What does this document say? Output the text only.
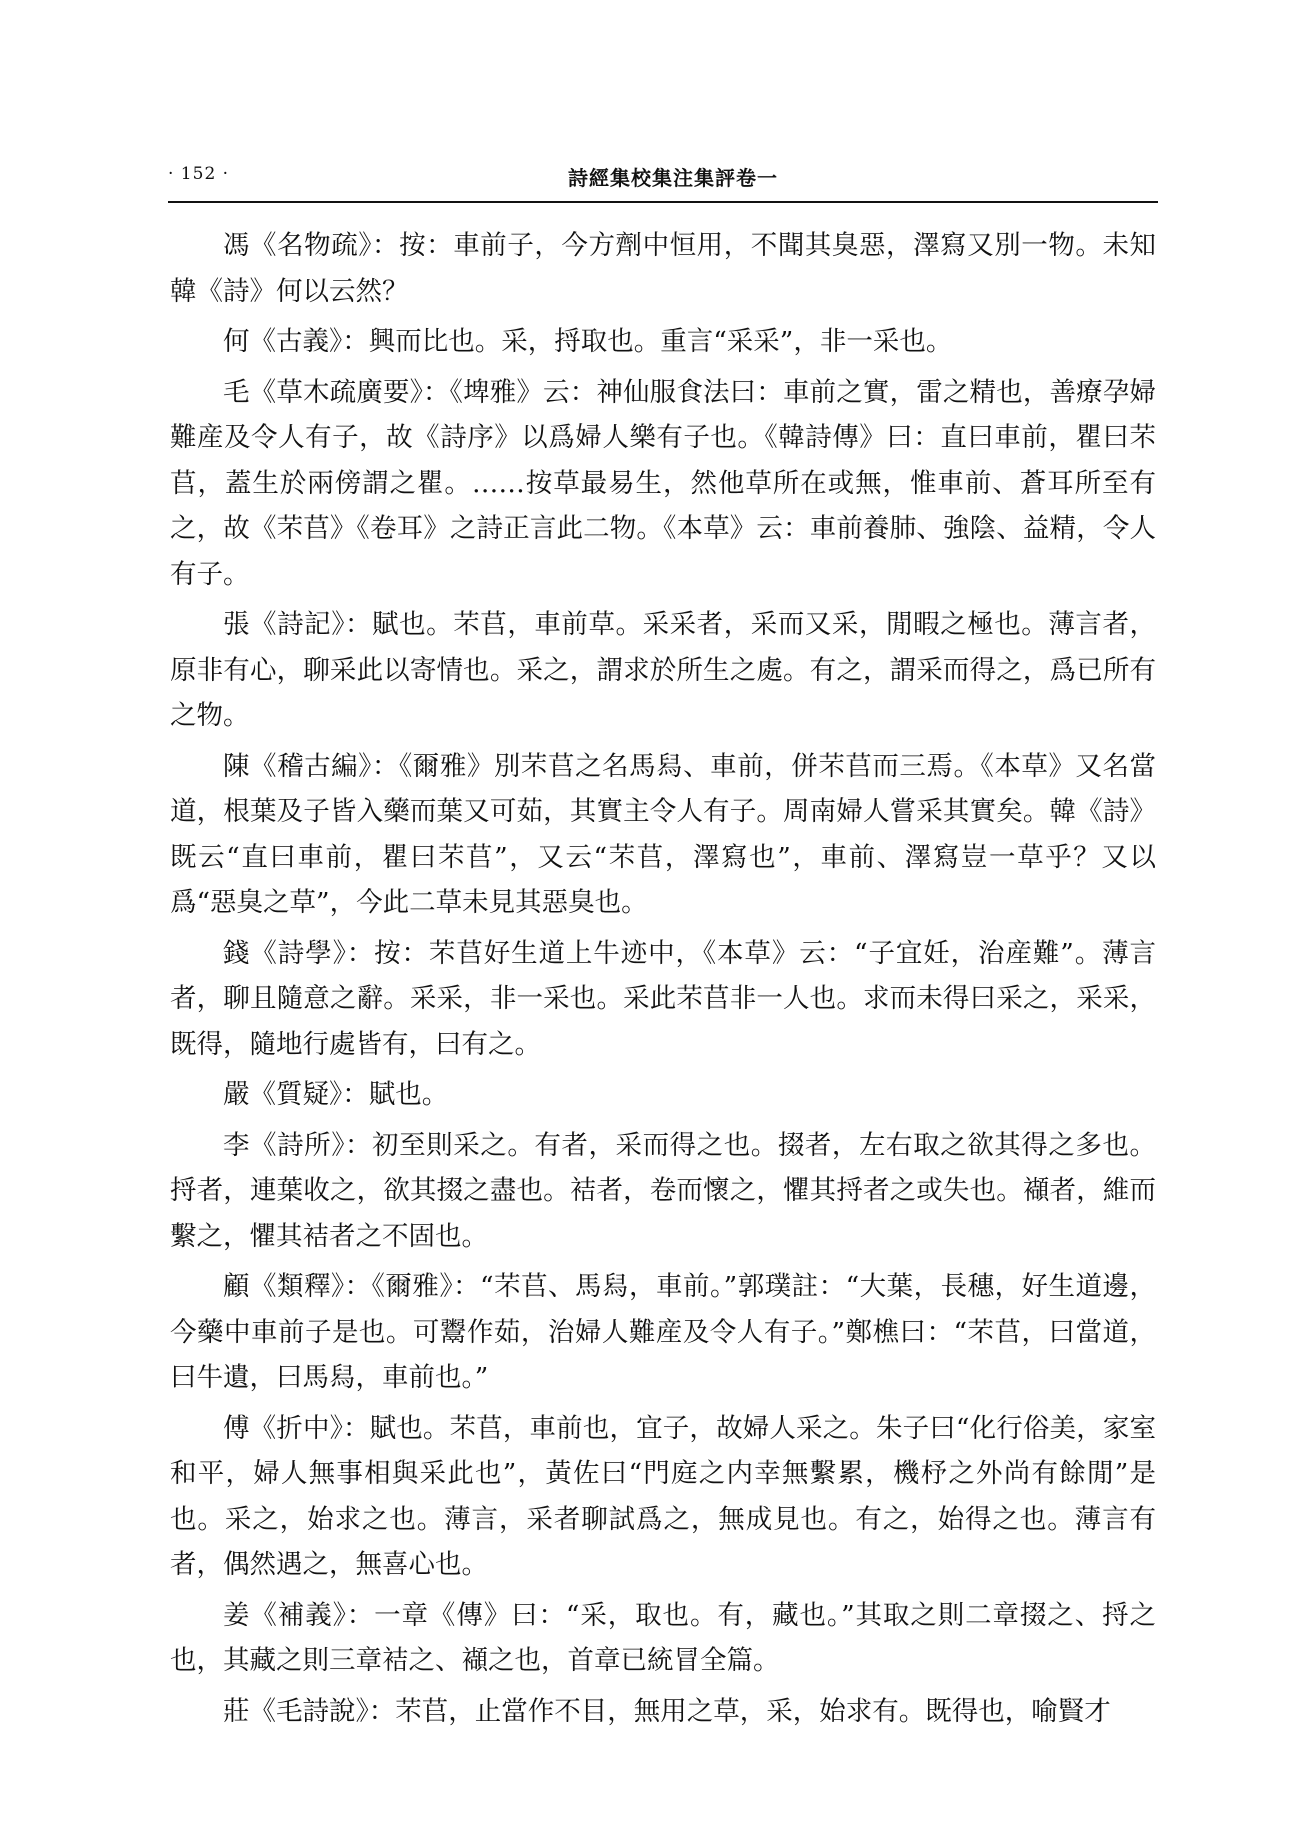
· 152 ·	詩經集校集注集評卷一

馮《名物疏》：按：車前子，今方劑中恒用，不聞其臭惡，澤寫又別一物。未知韓《詩》何以云然？

何《古義》：興而比也。采，捋取也。重言“采采”，非一采也。

毛《草木疏廣要》：《埤雅》云：神仙服食法曰：車前之實，雷之精也，善療孕婦難産及令人有子，故《詩序》以爲婦人樂有子也。《韓詩傳》曰：直曰車前，瞿曰芣苢，蓋生於兩傍謂之瞿。……按草最易生，然他草所在或無，惟車前、蒼耳所至有之，故《芣苢》《卷耳》之詩正言此二物。《本草》云：車前養肺、強陰、益精，令人有子。

張《詩記》：賦也。芣苢，車前草。采采者，采而又采，閒暇之極也。薄言者，原非有心，聊采此以寄情也。采之，謂求於所生之處。有之，謂采而得之，爲已所有之物。

陳《稽古編》：《爾雅》別芣苢之名馬舄、車前，併芣苢而三焉。《本草》又名當道，根葉及子皆入藥而葉又可茹，其實主令人有子。周南婦人嘗采其實矣。韓《詩》既云“直曰車前，瞿曰芣苢”，又云“芣苢，澤寫也”，車前、澤寫豈一草乎？又以爲“惡臭之草”，今此二草未見其惡臭也。

錢《詩學》：按：芣苢好生道上牛迹中，《本草》云：“子宜妊，治産難”。薄言者，聊且隨意之辭。采采，非一采也。采此芣苢非一人也。求而未得曰采之，采采，既得，隨地行處皆有，曰有之。

嚴《質疑》：賦也。

李《詩所》：初至則采之。有者，采而得之也。掇者，左右取之欲其得之多也。捋者，連葉收之，欲其掇之盡也。袺者，卷而懷之，懼其捋者之或失也。襭者，維而繫之，懼其袺者之不固也。

顧《類釋》：《爾雅》：“芣苢、馬舄，車前。”郭璞註：“大葉，長穗，好生道邊，今藥中車前子是也。可鬻作茹，治婦人難産及令人有子。”鄭樵曰：“芣苢，曰當道，曰牛遺，曰馬舄，車前也。”

傅《折中》：賦也。芣苢，車前也，宜子，故婦人采之。朱子曰“化行俗美，家室和平，婦人無事相與采此也”，黃佐曰“門庭之内幸無繫累，機杼之外尚有餘閒”是也。采之，始求之也。薄言，采者聊試爲之，無成見也。有之，始得之也。薄言有者，偶然遇之，無喜心也。

姜《補義》：一章《傳》曰：“采，取也。有，藏也。”其取之則二章掇之、捋之也，其藏之則三章袺之、襭之也，首章已統冒全篇。

莊《毛詩說》：芣苢，止當作不目，無用之草，采，始求有。既得也，喻賢才
